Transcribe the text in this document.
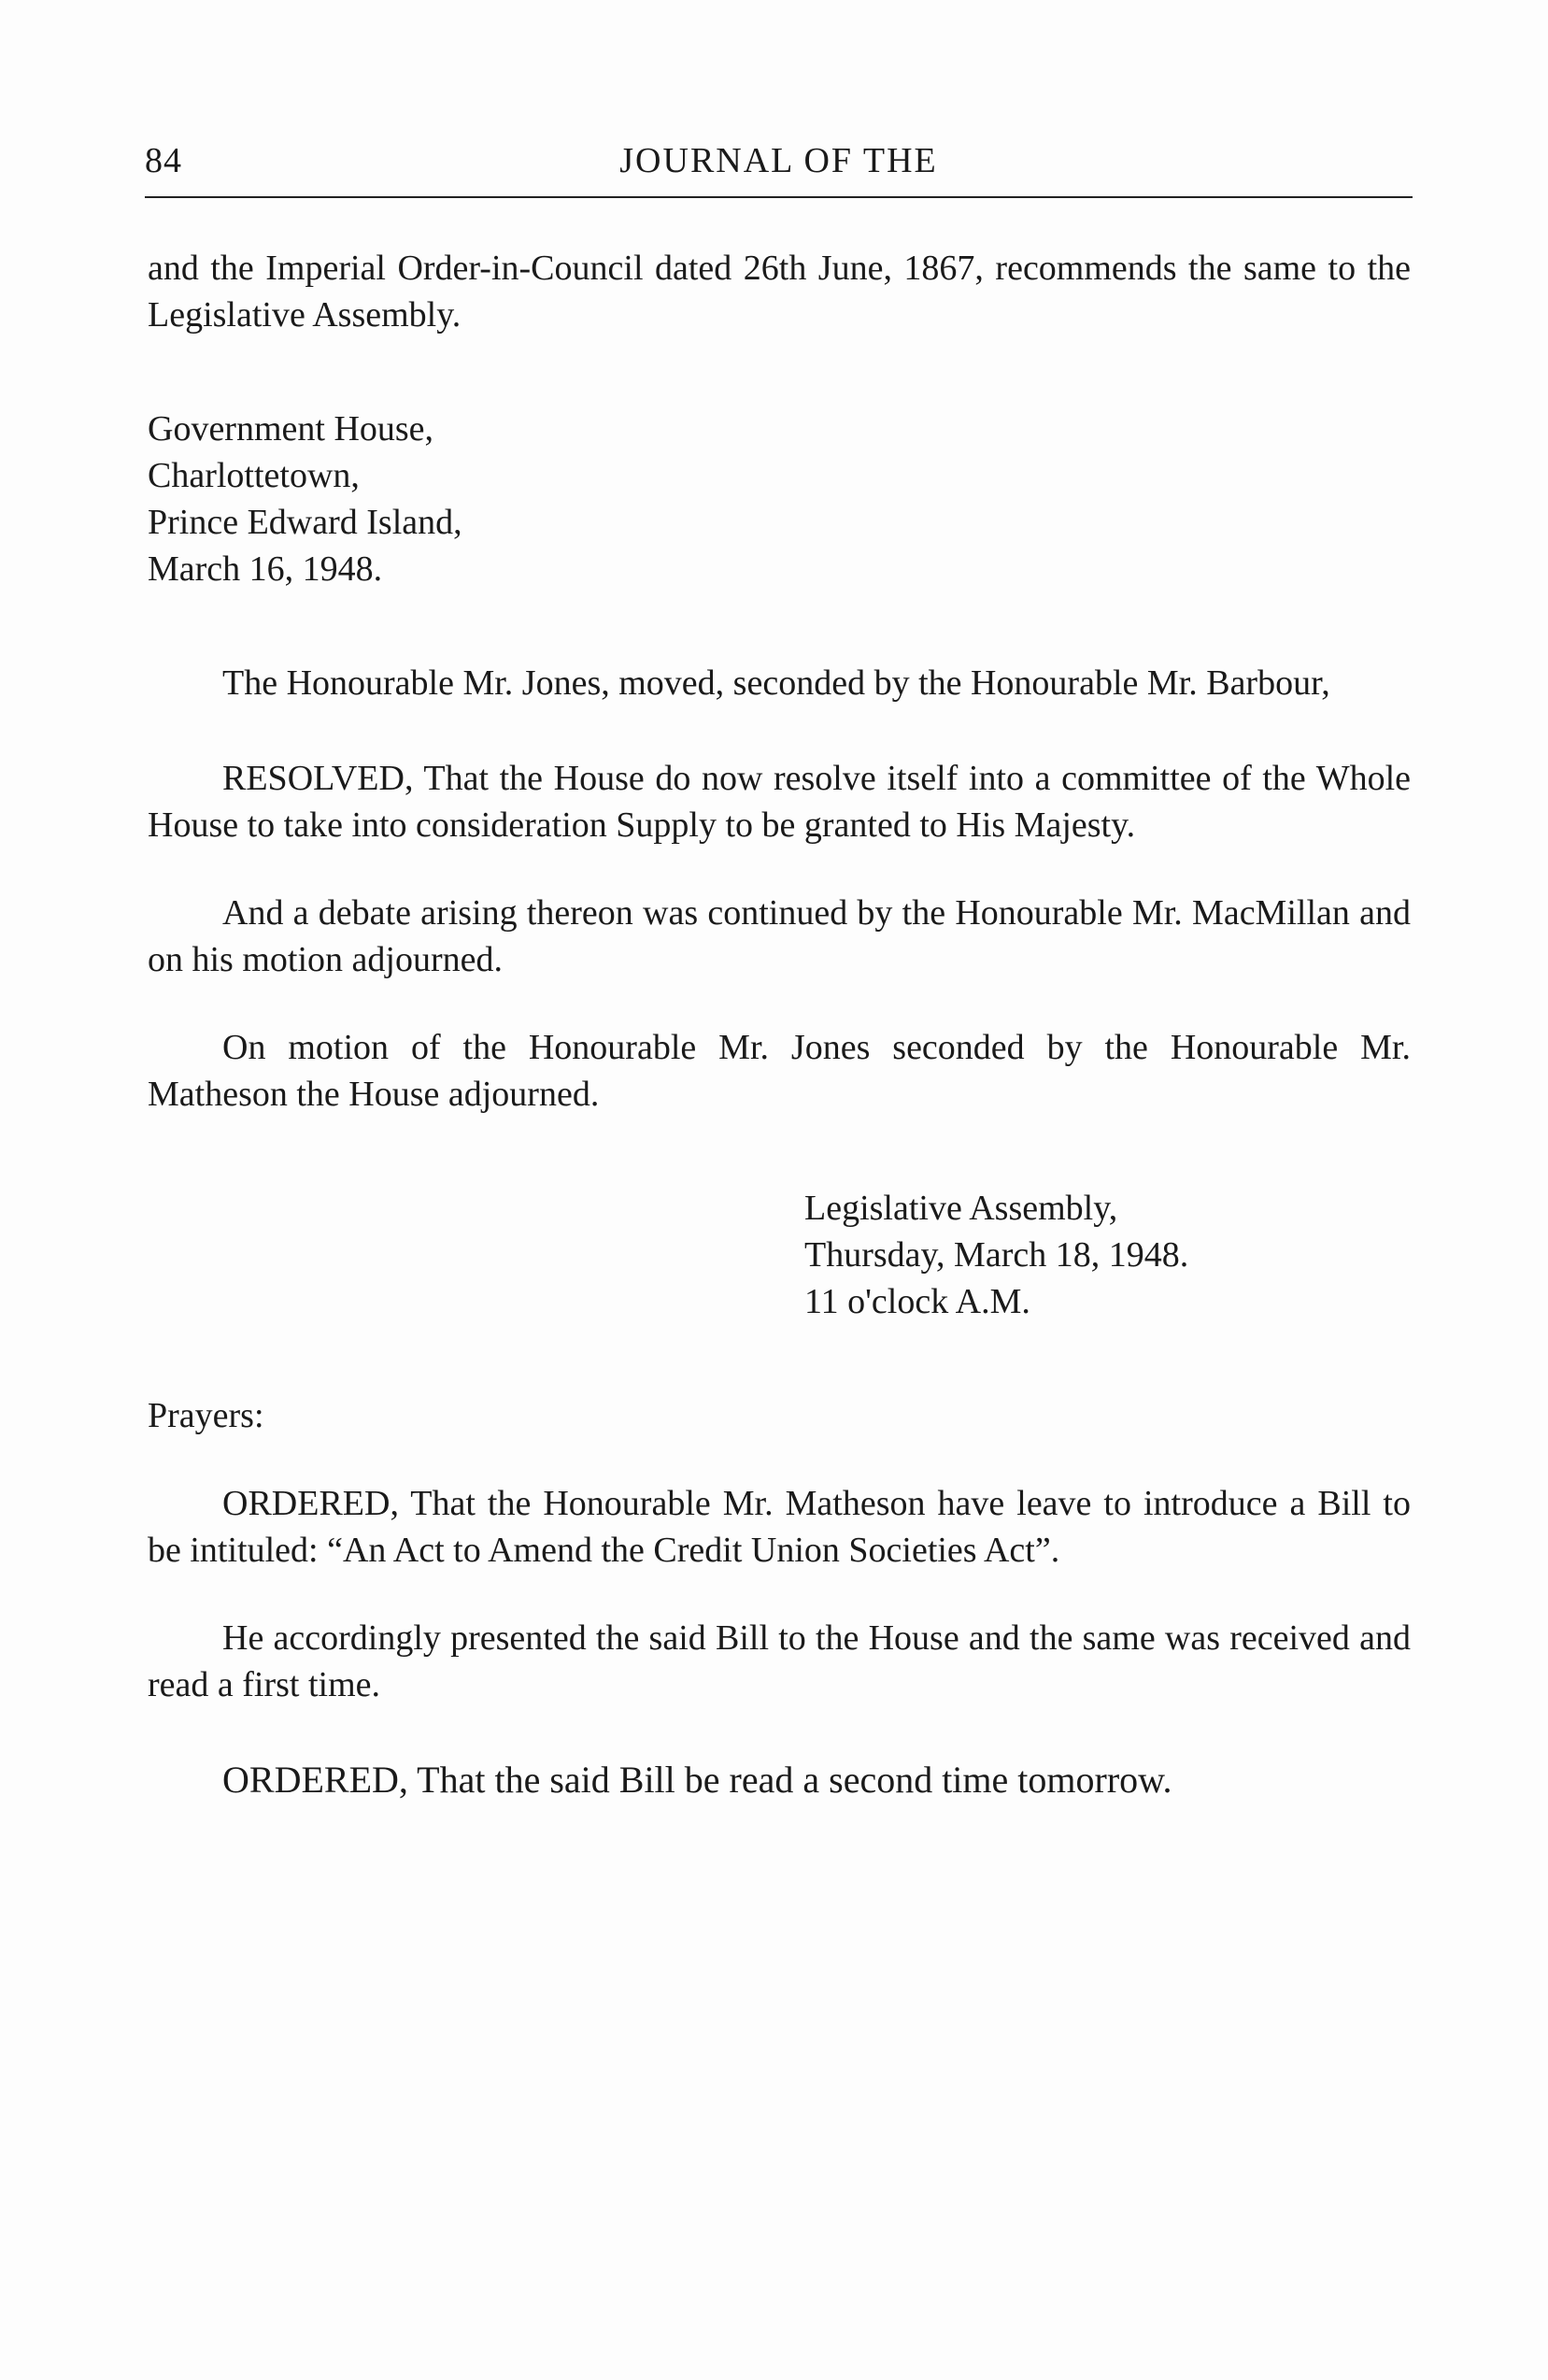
84	JOURNAL OF THE

and the Imperial Order-in-Council dated 26th June, 1867, recommends the same to the Legislative Assembly.

Government House,
Charlottetown,
Prince Edward Island,
March 16, 1948.

The Honourable Mr. Jones, moved, seconded by the Honourable Mr. Barbour,

RESOLVED, That the House do now resolve itself into a committee of the Whole House to take into consideration Supply to be granted to His Majesty.

And a debate arising thereon was continued by the Honourable Mr. MacMillan and on his motion adjourned.

On motion of the Honourable Mr. Jones seconded by the Honourable Mr. Matheson the House adjourned.

Legislative Assembly,
Thursday, March 18, 1948.
11 o'clock A.M.

Prayers:

ORDERED, That the Honourable Mr. Matheson have leave to introduce a Bill to be intituled: “An Act to Amend the Credit Union Societies Act”.

He accordingly presented the said Bill to the House and the same was received and read a first time.

ORDERED, That the said Bill be read a second time tomorrow.
